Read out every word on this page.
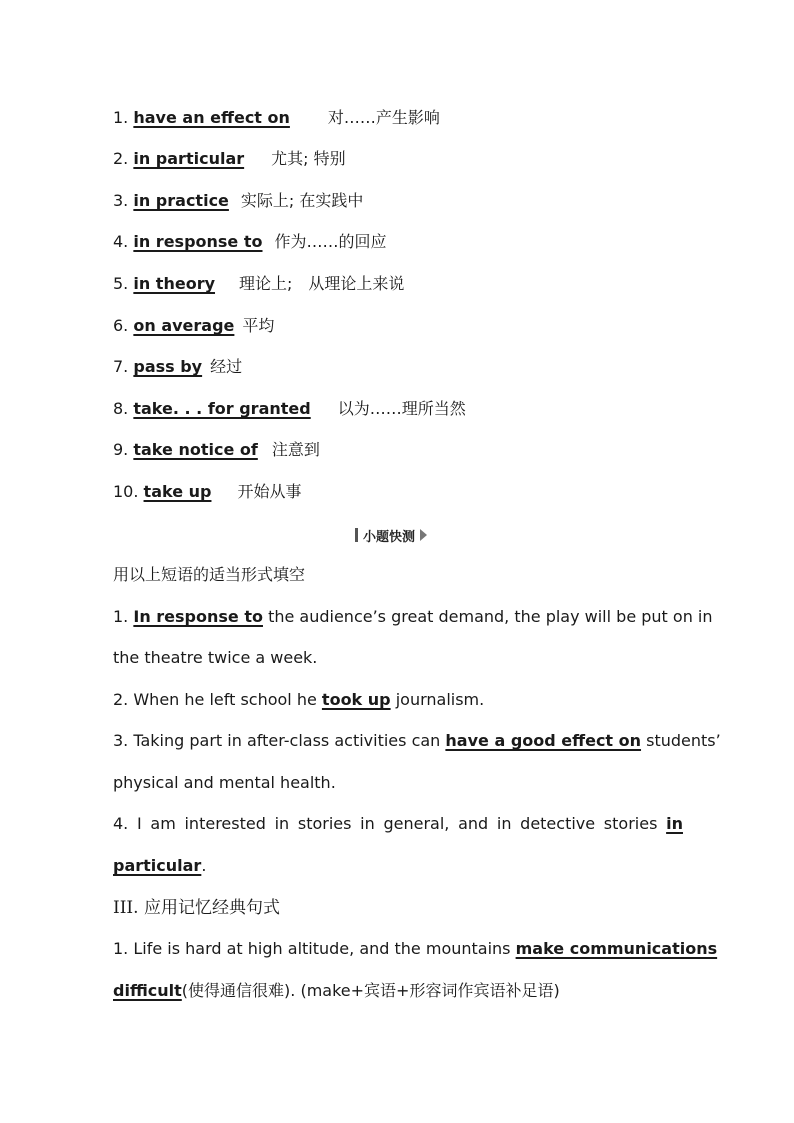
1. have an effect on 对……产生影响
2. in particular 尤其; 特别
3. in practice 实际上; 在实践中
4. in response to 作为……的回应
5. in theory 理论上;　从理论上来说
6. on average 平均
7. pass by 经过
8. take. . . for granted 以为……理所当然
9. take notice of 注意到
10. take up 开始从事
小题快测
用以上短语的适当形式填空
1. In response to the audience’s great demand, the play will be put on in
the theatre twice a week.
2. When he left school he took up journalism.
3. Taking part in after-class activities can have a good effect on students’
physical and mental health.
4. I am interested in stories in general, and in detective stories in
particular.
III. 应用记忆经典句式
1. Life is hard at high altitude, and the mountains make communications
difficult(使得通信很难). (make+宾语+形容词作宾语补足语)
